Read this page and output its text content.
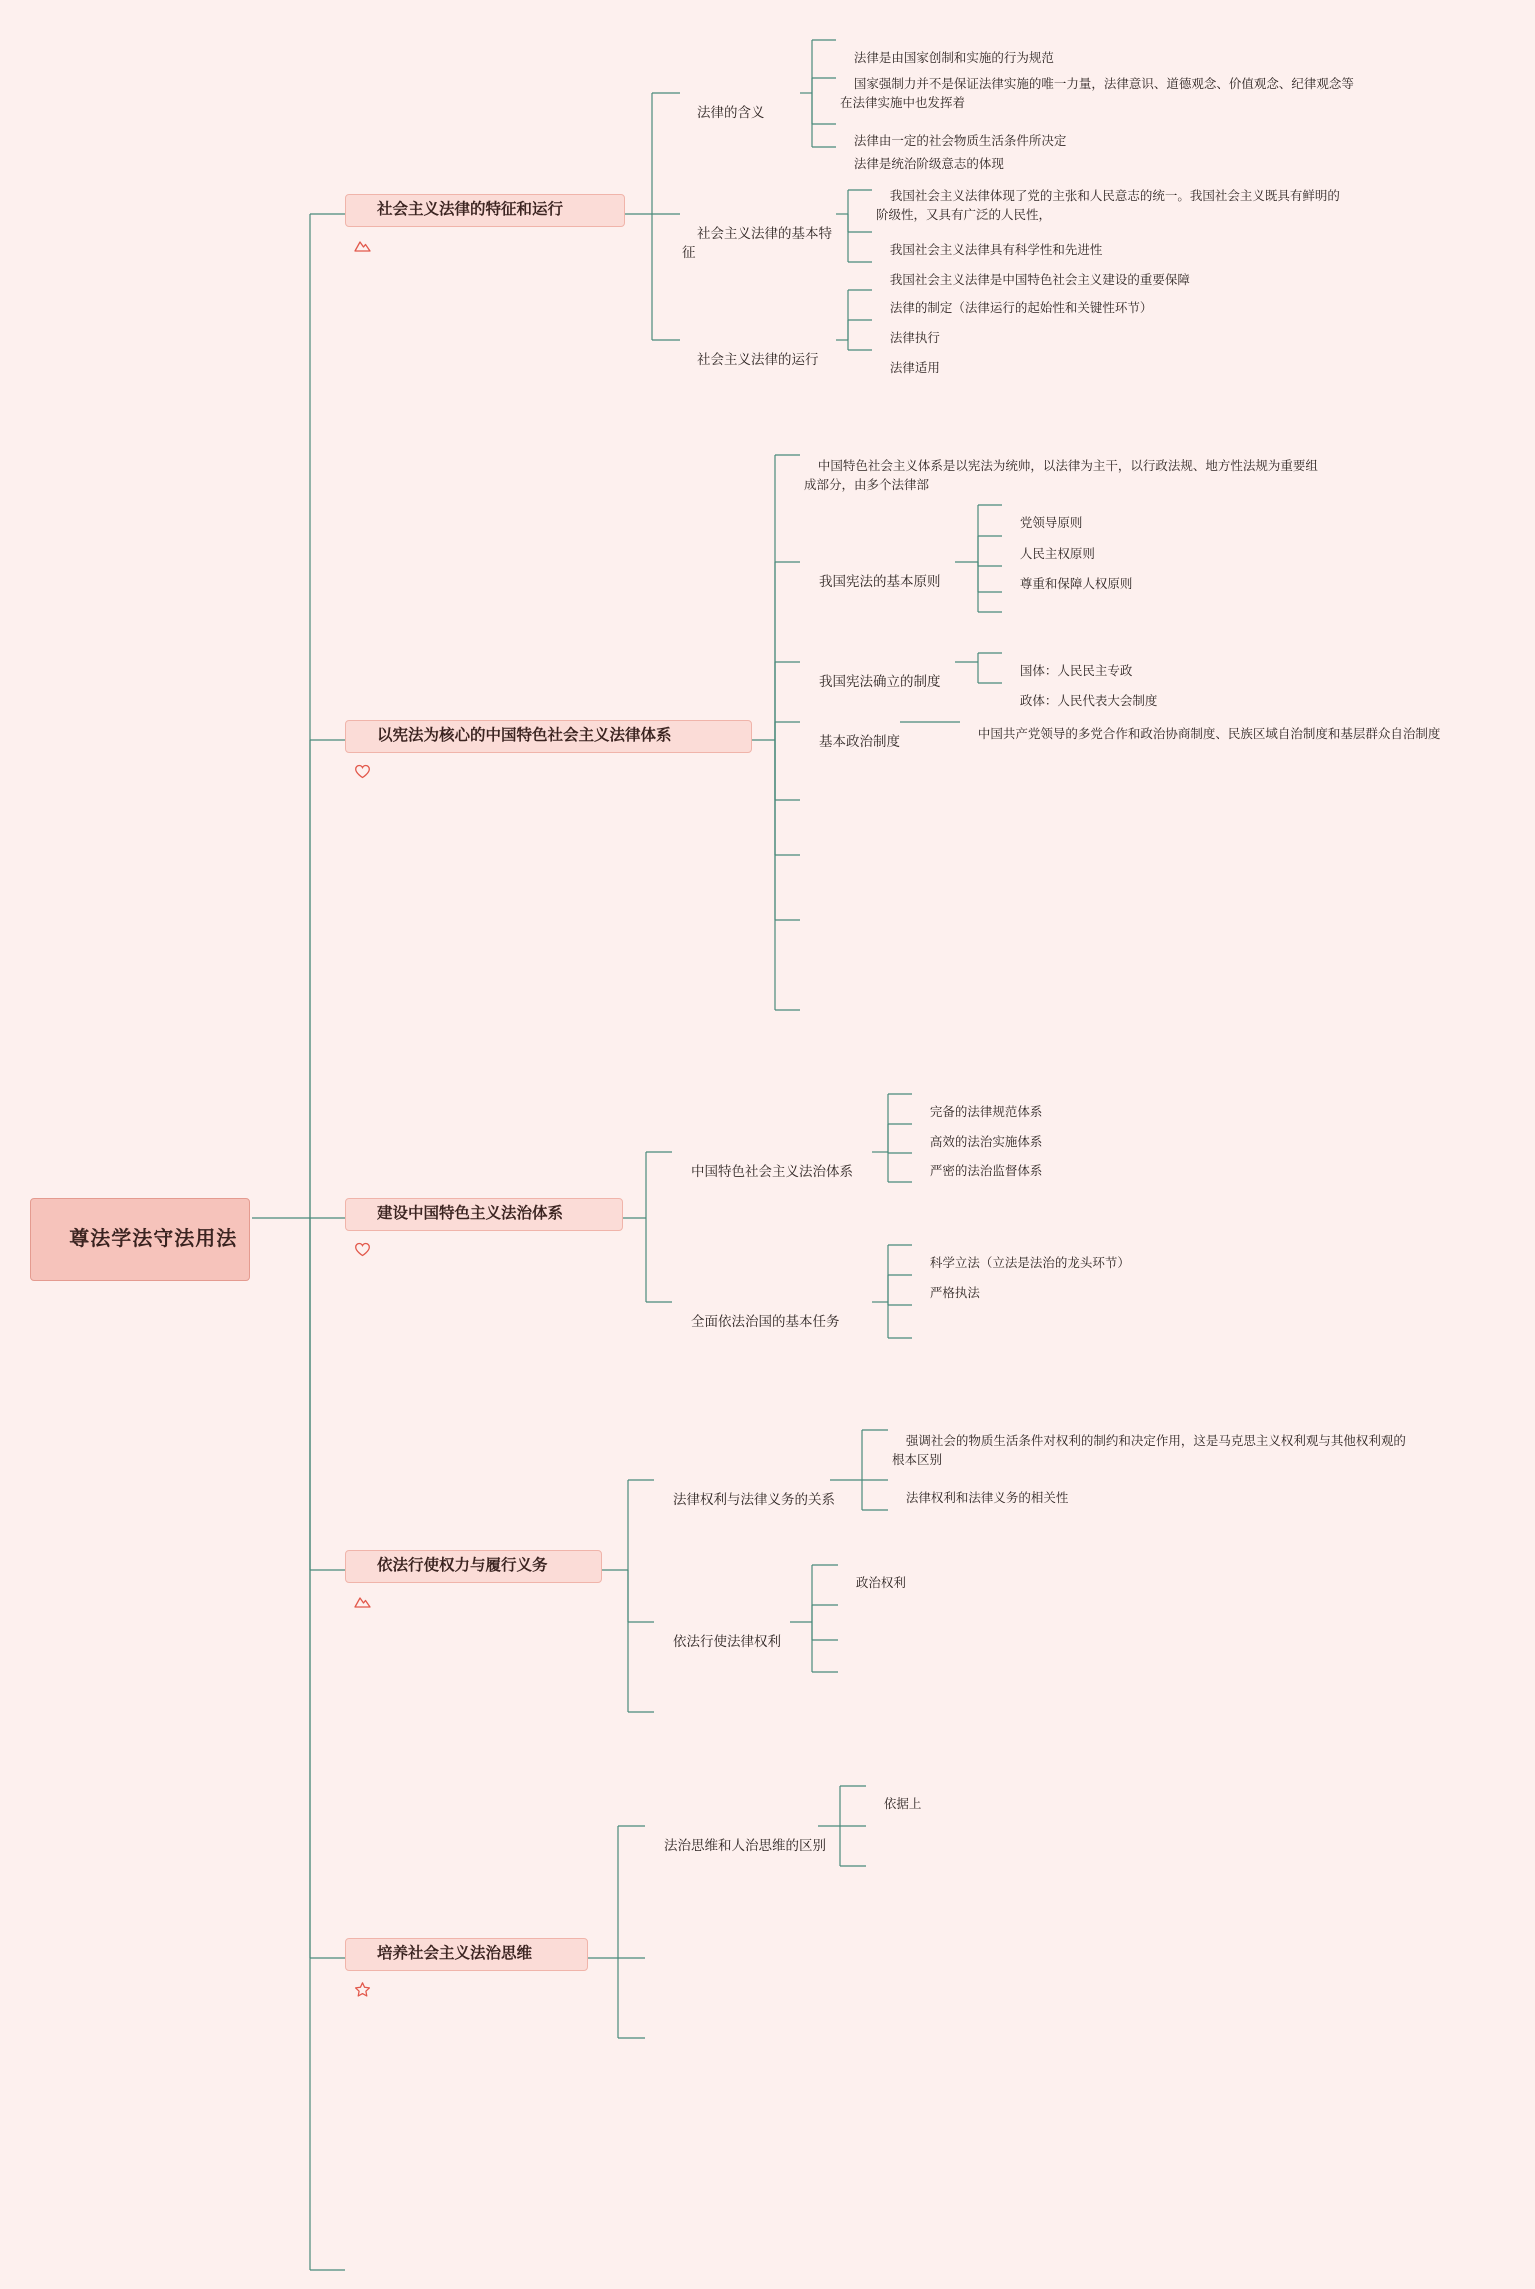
尊法学法守法用法

社会主义法律的特征和运行

法律的含义

法律是由国家创制和实施的行为规范

国家强制力并不是保证法律实施的唯一力量，法律意识、道德观念、价值观念、纪律观念等在法律实施中也发挥着

法律由一定的社会物质生活条件所决定

法律是统治阶级意志的体现

社会主义法律的基本特征

我国社会主义法律体现了党的主张和人民意志的统一。我国社会主义既具有鲜明的阶级性，又具有广泛的人民性，

我国社会主义法律具有科学性和先进性

我国社会主义法律是中国特色社会主义建设的重要保障

社会主义法律的运行

法律的制定（法律运行的起始性和关键性环节）

法律执行

法律适用

以宪法为核心的中国特色社会主义法律体系

中国特色社会主义体系是以宪法为统帅，以法律为主干，以行政法规、地方性法规为重要组成部分，由多个法律部

我国宪法的基本原则

党领导原则

人民主权原则

尊重和保障人权原则

我国宪法确立的制度

国体：人民民主专政

政体：人民代表大会制度

基本政治制度
	中国共产党领导的多党合作和政治协商制度、民族区域自治制度和基层群众自治制度

建设中国特色主义法治体系

中国特色社会主义法治体系

完备的法律规范体系

高效的法治实施体系

严密的法治监督体系

全面依法治国的基本任务

科学立法（立法是法治的龙头环节）

严格执法

依法行使权力与履行义务

法律权利与法律义务的关系

强调社会的物质生活条件对权利的制约和决定作用，这是马克思主义权利观与其他权利观的根本区别

法律权利和法律义务的相关性

依法行使法律权利

政治权利

培养社会主义法治思维

法治思维和人治思维的区别

依据上
